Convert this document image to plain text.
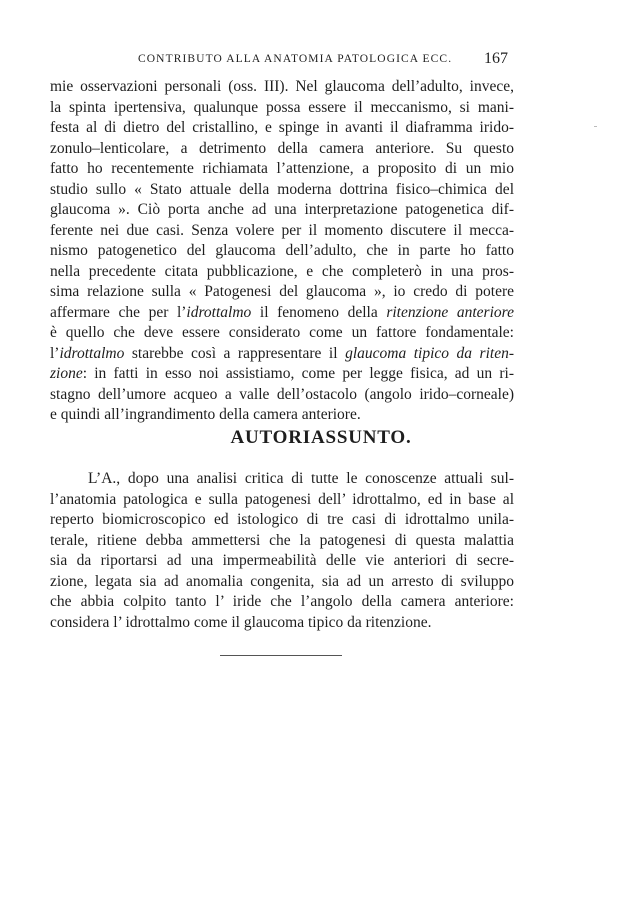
CONTRIBUTO ALLA ANATOMIA PATOLOGICA ECC. 167
mie osservazioni personali (oss. III). Nel glaucoma dell’adulto, invece,
la spinta ipertensiva, qualunque possa essere il meccanismo, si mani-
festa al di dietro del cristallino, e spinge in avanti il diaframma irido-
zonulo–lenticolare, a detrimento della camera anteriore. Su questo
fatto ho recentemente richiamata l’attenzione, a proposito di un mio
studio sullo « Stato attuale della moderna dottrina fisico–chimica del
glaucoma ». Ciò porta anche ad una interpretazione patogenetica dif-
ferente nei due casi. Senza volere per il momento discutere il mecca-
nismo patogenetico del glaucoma dell’adulto, che in parte ho fatto
nella precedente citata pubblicazione, e che completerò in una pros-
sima relazione sulla « Patogenesi del glaucoma », io credo di potere
affermare che per l’idrottalmo il fenomeno della ritenzione anteriore
è quello che deve essere considerato come un fattore fondamentale:
l’idrottalmo starebbe così a rappresentare il glaucoma tipico da riten-
zione: in fatti in esso noi assistiamo, come per legge fisica, ad un ri-
stagno dell’umore acqueo a valle dell’ostacolo (angolo irido–corneale)
e quindi all’ingrandimento della camera anteriore.
AUTORIASSUNTO.
L’A., dopo una analisi critica di tutte le conoscenze attuali sul-
l’anatomia patologica e sulla patogenesi dell’ idrottalmo, ed in base al
reperto biomicroscopico ed istologico di tre casi di idrottalmo unila-
terale, ritiene debba ammettersi che la patogenesi di questa malattia
sia da riportarsi ad una impermeabilità delle vie anteriori di secre-
zione, legata sia ad anomalia congenita, sia ad un arresto di sviluppo
che abbia colpito tanto l’ iride che l’angolo della camera anteriore:
considera l’ idrottalmo come il glaucoma tipico da ritenzione.
